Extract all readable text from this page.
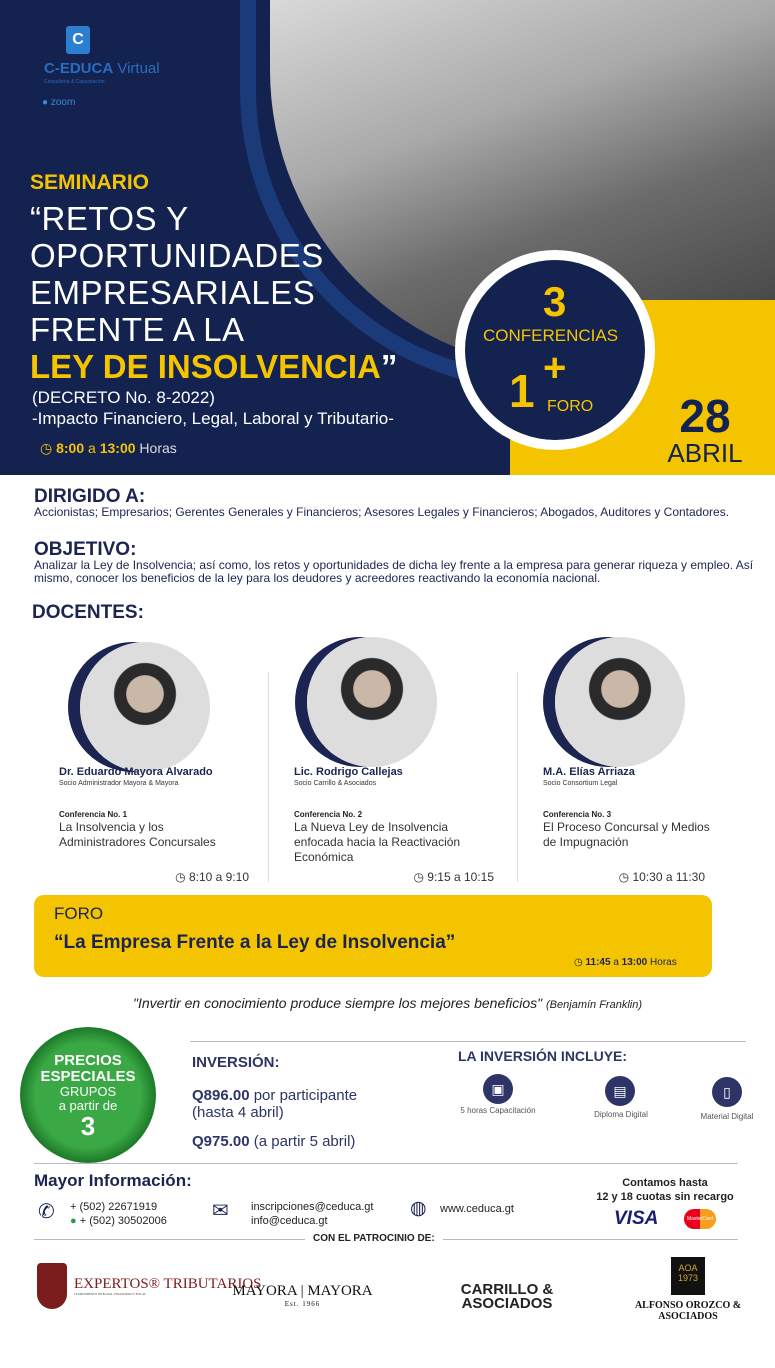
C
C-EDUCA Virtual
Consultoría & Capacitación
● zoom
SEMINARIO
“RETOS Y
OPORTUNIDADES
EMPRESARIALES
FRENTE A LA
LEY DE INSOLVENCIA”
(DECRETO No. 8-2022)
-Impacto Financiero, Legal, Laboral y Tributario-
◷ 8:00 a 13:00 Horas
3
CONFERENCIAS
+
1 FORO	28
ABRIL
DIRIGIDO A:
Accionistas; Empresarios; Gerentes Generales y Financieros; Asesores Legales y Financieros; Abogados, Auditores y Contadores.
OBJETIVO:
Analizar la Ley de Insolvencia; así como, los retos y oportunidades de dicha ley frente a la empresa para generar riqueza y empleo. Así mismo, conocer los beneficios de la ley para los deudores y acreedores reactivando la economía nacional.
DOCENTES:
Dr. Eduardo Mayora Alvarado
Socio Administrador Mayora & Mayora
Conferencia No. 1
La Insolvencia y los Administradores Concursales
◷ 8:10 a 9:10
Lic. Rodrigo Callejas
Socio Carrillo & Asociados
Conferencia No. 2
La Nueva Ley de Insolvencia enfocada hacia la Reactivación Económica
◷ 9:15 a 10:15
M.A. Elías Arriaza
Socio Consortium Legal
Conferencia No. 3
El Proceso Concursal y Medios de Impugnación
◷ 10:30 a 11:30
FORO
“La Empresa Frente a la Ley de Insolvencia”
◷ 11:45 a 13:00 Horas
"Invertir en conocimiento produce siempre los mejores beneficios" (Benjamín Franklin)
PRECIOS
ESPECIALES
GRUPOS
a partir de
3
INVERSIÓN:
Q896.00 por participante
(hasta 4 abril)
Q975.00 (a partir 5 abril)
LA INVERSIÓN INCLUYE:
▣
5 horas Capacitación
▤
Diploma Digital
▯
Material Digital
Mayor Información:
✆ + (502) 22671919
● + (502) 30502006 ✉ inscripciones@ceduca.gt
info@ceduca.gt
◍ www.ceduca.gt
Contamos hasta
12 y 18 cuotas sin recargo
VISA	MasterCard
CON EL PATROCINIO DE:
EXPERTOS® TRIBUTARIOS
CUMPLIMIENTO INTEGRAL, FINANCIERO Y FISCAL	MAYORA | MAYORA
Est. 1966
CARRILLO & ASOCIADOS
AOA 1973
ALFONSO OROZCO & ASOCIADOS
